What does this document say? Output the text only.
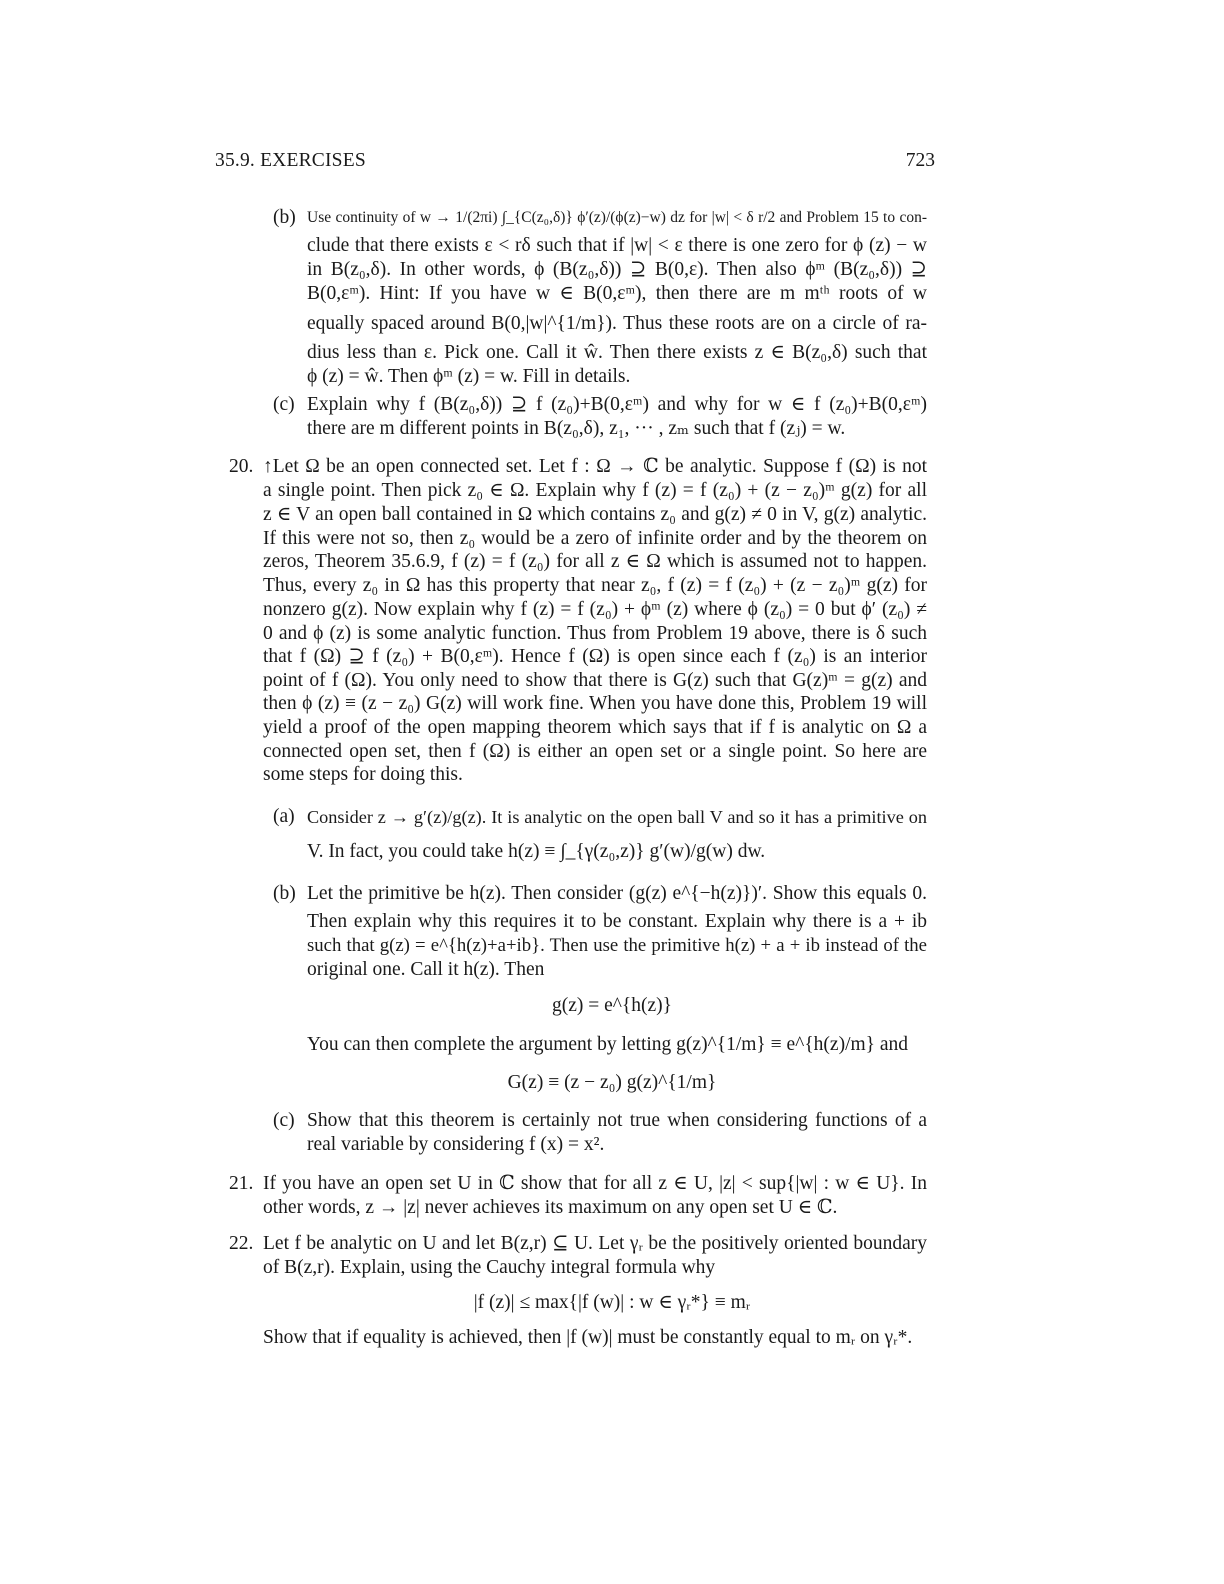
35.9. EXERCISES	723
(b) Use continuity of w → 1/(2πi) ∫_{C(z₀,δ)} ϕ′(z)/(ϕ(z)−w) dz for |w| < δ r/2 and Problem 15 to con-
clude that there exists ε < rδ such that if |w| < ε there is one zero for ϕ (z) − w
in B(z₀,δ). In other words, ϕ (B(z₀,δ)) ⊇ B(0,ε). Then also ϕᵐ (B(z₀,δ)) ⊇
B(0,εᵐ). Hint: If you have w ∈ B(0,εᵐ), then there are m mᵗʰ roots of w
equally spaced around B(0,|w|^{1/m}). Thus these roots are on a circle of ra-
dius less than ε. Pick one. Call it ŵ. Then there exists z ∈ B(z₀,δ) such that
ϕ (z) = ŵ. Then ϕᵐ (z) = w. Fill in details.
(c) Explain why f (B(z₀,δ)) ⊇ f (z₀)+B(0,εᵐ) and why for w ∈ f (z₀)+B(0,εᵐ)
there are m different points in B(z₀,δ), z₁, ··· , zₘ such that f (zⱼ) = w.
20. ↑Let Ω be an open connected set. Let f : Ω → ℂ be analytic. Suppose f (Ω) is not
a single point. Then pick z₀ ∈ Ω. Explain why f (z) = f (z₀) + (z − z₀)ᵐ g(z) for all
z ∈ V an open ball contained in Ω which contains z₀ and g(z) ≠ 0 in V, g(z) analytic.
If this were not so, then z₀ would be a zero of infinite order and by the theorem on
zeros, Theorem 35.6.9, f (z) = f (z₀) for all z ∈ Ω which is assumed not to happen.
Thus, every z₀ in Ω has this property that near z₀, f (z) = f (z₀) + (z − z₀)ᵐ g(z) for
nonzero g(z). Now explain why f (z) = f (z₀) + ϕᵐ (z) where ϕ (z₀) = 0 but ϕ′ (z₀) ≠
0 and ϕ (z) is some analytic function. Thus from Problem 19 above, there is δ such
that f (Ω) ⊇ f (z₀) + B(0,εᵐ). Hence f (Ω) is open since each f (z₀) is an interior
point of f (Ω). You only need to show that there is G(z) such that G(z)ᵐ = g(z) and
then ϕ (z) ≡ (z − z₀) G(z) will work fine. When you have done this, Problem 19 will
yield a proof of the open mapping theorem which says that if f is analytic on Ω a
connected open set, then f (Ω) is either an open set or a single point. So here are
some steps for doing this.
(a) Consider z → g′(z)/g(z). It is analytic on the open ball V and so it has a primitive on
V. In fact, you could take h(z) ≡ ∫_{γ(z₀,z)} g′(w)/g(w) dw.
(b) Let the primitive be h(z). Then consider (g(z) e^{−h(z)})′. Show this equals 0.
Then explain why this requires it to be constant. Explain why there is a + ib
such that g(z) = e^{h(z)+a+ib}. Then use the primitive h(z) + a + ib instead of the
original one. Call it h(z). Then
g(z) = e^{h(z)}
You can then complete the argument by letting g(z)^{1/m} ≡ e^{h(z)/m} and
G(z) ≡ (z − z₀) g(z)^{1/m}
(c) Show that this theorem is certainly not true when considering functions of a
real variable by considering f (x) = x².
21. If you have an open set U in ℂ show that for all z ∈ U, |z| < sup{|w| : w ∈ U}. In
other words, z → |z| never achieves its maximum on any open set U ∈ ℂ.
22. Let f be analytic on U and let B(z,r) ⊆ U. Let γᵣ be the positively oriented boundary
of B(z,r). Explain, using the Cauchy integral formula why
|f (z)| ≤ max{|f (w)| : w ∈ γᵣ*} ≡ mᵣ
Show that if equality is achieved, then |f (w)| must be constantly equal to mᵣ on γᵣ*.
